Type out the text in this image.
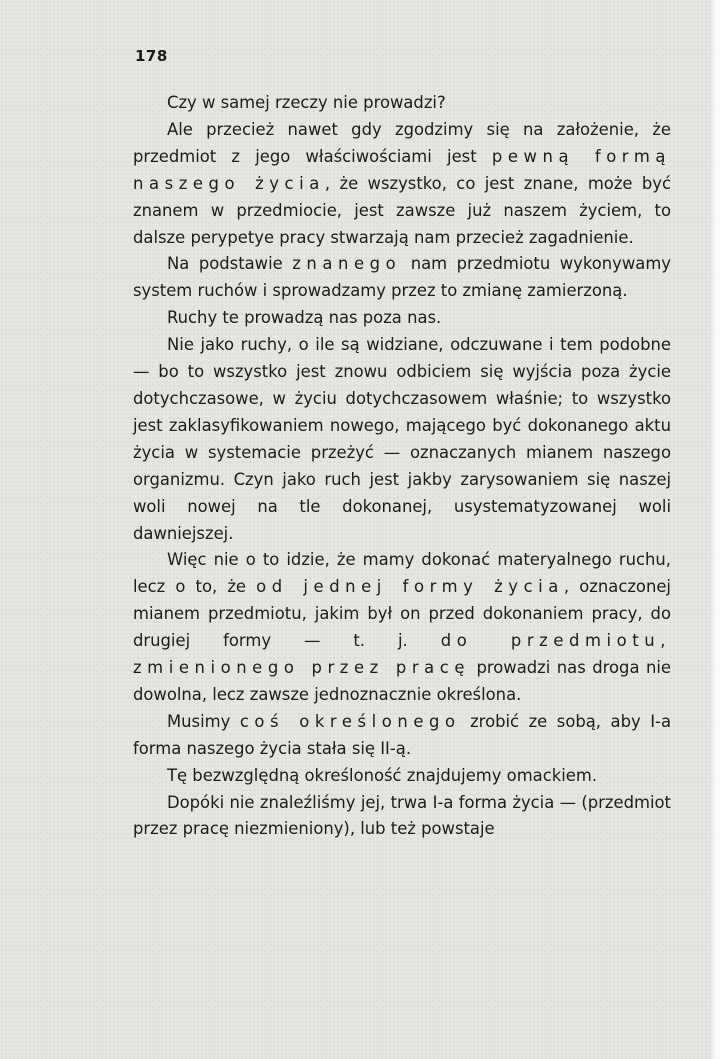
178

Czy w samej rzeczy nie prowadzi?

Ale przecież nawet gdy zgodzimy się na założenie, że przedmiot z jego właściwościami jest pewną formą naszego życia, że wszystko, co jest znane, może być znanem w przedmiocie, jest zawsze już naszem życiem, to dalsze perypetye pracy stwarzają nam przecież zagadnienie.

Na podstawie znanego nam przedmiotu wykonywamy system ruchów i sprowadzamy przez to zmianę zamierzoną.

Ruchy te prowadzą nas poza nas.

Nie jako ruchy, o ile są widziane, odczuwane i tem podobne — bo to wszystko jest znowu odbiciem się wyjścia poza życie dotychczasowe, w życiu dotychczasowem właśnie; to wszystko jest zaklasyfikowaniem nowego, mającego być dokonanego aktu życia w systemacie przeżyć — oznaczanych mianem naszego organizmu. Czyn jako ruch jest jakby zarysowaniem się naszej woli nowej na tle dokonanej, usystematyzowanej woli dawniejszej.

Więc nie o to idzie, że mamy dokonać materyalnego ruchu, lecz o to, że od jednej formy życia, oznaczonej mianem przedmiotu, jakim był on przed dokonaniem pracy, do drugiej formy — t. j. do przedmiotu, zmienionego przez pracę prowadzi nas droga nie dowolna, lecz zawsze jednoznacznie określona.

Musimy coś określonego zrobić ze sobą, aby I-a forma naszego życia stała się II-ą.

Tę bezwzględną określoność znajdujemy omackiem.

Dopóki nie znaleźliśmy jej, trwa I-a forma życia — (przedmiot przez pracę niezmieniony), lub też powstaje
